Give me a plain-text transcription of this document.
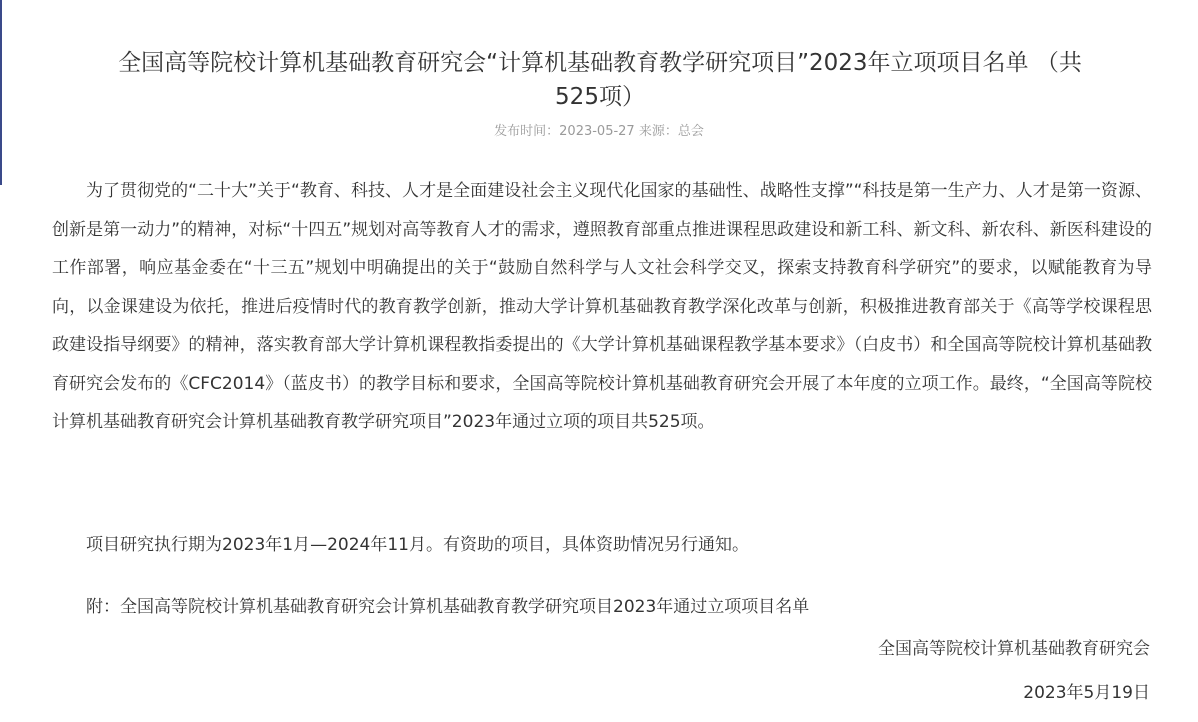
全国高等院校计算机基础教育研究会“计算机基础教育教学研究项目”2023年立项项目名单 （共525项）
发布时间：2023-05-27 来源：总会

为了贯彻党的“二十大”关于“教育、科技、人才是全面建设社会主义现代化国家的基础性、战略性支撑”“科技是第一生产力、人才是第一资源、创新是第一动力”的精神，对标“十四五”规划对高等教育人才的需求，遵照教育部重点推进课程思政建设和新工科、新文科、新农科、新医科建设的工作部署，响应基金委在“十三五”规划中明确提出的关于“鼓励自然科学与人文社会科学交叉，探索支持教育科学研究”的要求，以赋能教育为导向，以金课建设为依托，推进后疫情时代的教育教学创新，推动大学计算机基础教育教学深化改革与创新，积极推进教育部关于《高等学校课程思政建设指导纲要》的精神，落实教育部大学计算机课程教指委提出的《大学计算机基础课程教学基本要求》（白皮书）和全国高等院校计算机基础教育研究会发布的《CFC2014》（蓝皮书）的教学目标和要求，全国高等院校计算机基础教育研究会开展了本年度的立项工作。最终，“全国高等院校计算机基础教育研究会计算机基础教育教学研究项目”2023年通过立项的项目共525项。

项目研究执行期为2023年1月—2024年11月。有资助的项目，具体资助情况另行通知。

附：全国高等院校计算机基础教育研究会计算机基础教育教学研究项目2023年通过立项项目名单

全国高等院校计算机基础教育研究会
2023年5月19日
